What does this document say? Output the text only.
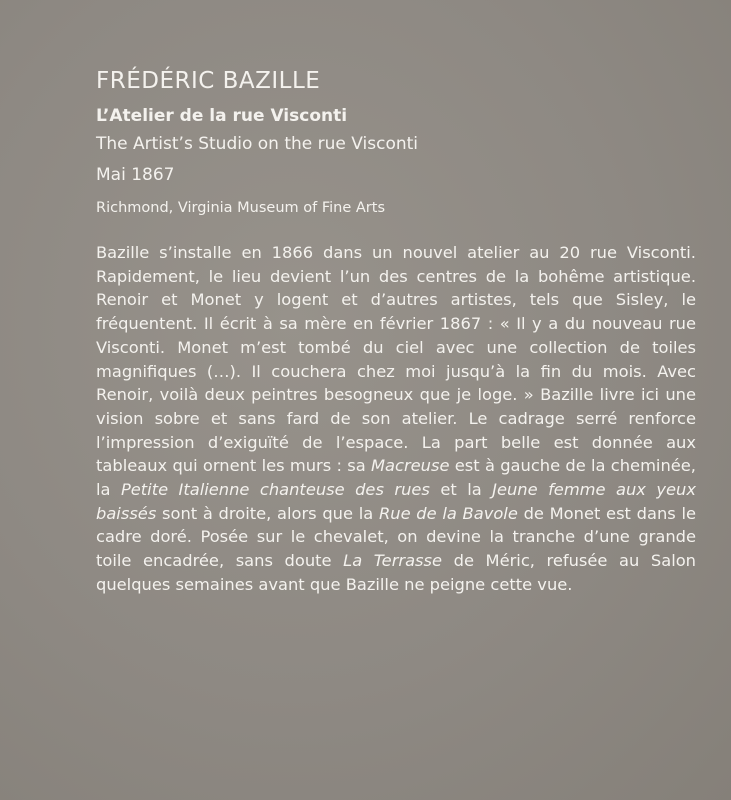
FRÉDÉRIC BAZILLE
L’Atelier de la rue Visconti
The Artist’s Studio on the rue Visconti
Mai 1867
Richmond, Virginia Museum of Fine Arts

Bazille s’installe en 1866 dans un nouvel atelier au 20 rue Visconti. Rapidement, le lieu devient l’un des centres de la bohême artistique. Renoir et Monet y logent et d’autres artistes, tels que Sisley, le fréquentent. Il écrit à sa mère en février 1867 : « Il y a du nouveau rue Visconti. Monet m’est tombé du ciel avec une collection de toiles magnifiques (…). Il couchera chez moi jusqu’à la fin du mois. Avec Renoir, voilà deux peintres besogneux que je loge. » Bazille livre ici une vision sobre et sans fard de son atelier. Le cadrage serré renforce l’impression d’exiguïté de l’espace. La part belle est donnée aux tableaux qui ornent les murs : sa Macreuse est à gauche de la cheminée, la Petite Italienne chanteuse des rues et la Jeune femme aux yeux baissés sont à droite, alors que la Rue de la Bavole de Monet est dans le cadre doré. Posée sur le chevalet, on devine la tranche d’une grande toile encadrée, sans doute La Terrasse de Méric, refusée au Salon quelques semaines avant que Bazille ne peigne cette vue.
